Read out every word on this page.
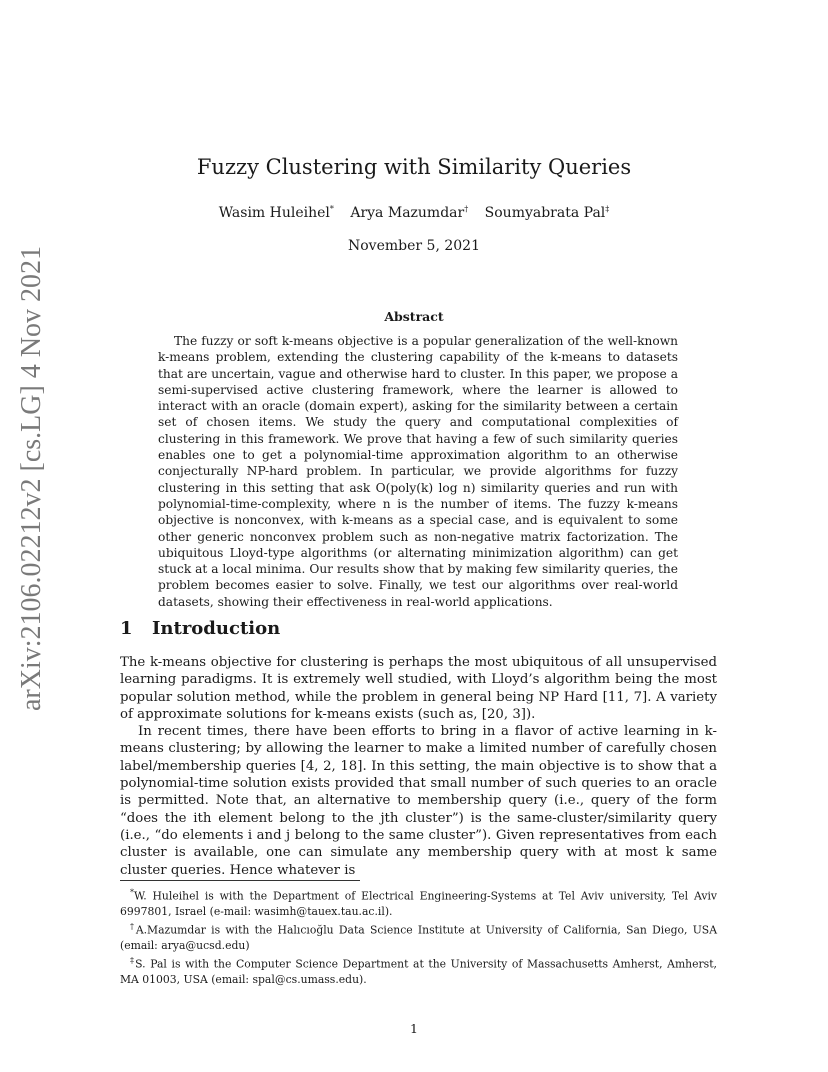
arXiv:2106.02212v2 [cs.LG] 4 Nov 2021
Fuzzy Clustering with Similarity Queries
Wasim Huleihel* Arya Mazumdar† Soumyabrata Pal‡
November 5, 2021
Abstract

The fuzzy or soft k-means objective is a popular generalization of the well-known k-means problem, extending the clustering capability of the k-means to datasets that are uncertain, vague and otherwise hard to cluster. In this paper, we propose a semi-supervised active clustering framework, where the learner is allowed to interact with an oracle (domain expert), asking for the similarity between a certain set of chosen items. We study the query and computational complexities of clustering in this framework. We prove that having a few of such similarity queries enables one to get a polynomial-time approximation algorithm to an otherwise conjecturally NP-hard problem. In particular, we provide algorithms for fuzzy clustering in this setting that ask O(poly(k) log n) similarity queries and run with polynomial-time-complexity, where n is the number of items. The fuzzy k-means objective is nonconvex, with k-means as a special case, and is equivalent to some other generic nonconvex problem such as non-negative matrix factorization. The ubiquitous Lloyd-type algorithms (or alternating minimization algorithm) can get stuck at a local minima. Our results show that by making few similarity queries, the problem becomes easier to solve. Finally, we test our algorithms over real-world datasets, showing their effectiveness in real-world applications.

1 Introduction

The k-means objective for clustering is perhaps the most ubiquitous of all unsupervised learning paradigms. It is extremely well studied, with Lloyd’s algorithm being the most popular solution method, while the problem in general being NP Hard [11, 7]. A variety of approximate solutions for k-means exists (such as, [20, 3]).

In recent times, there have been efforts to bring in a flavor of active learning in k-means clustering; by allowing the learner to make a limited number of carefully chosen label/membership queries [4, 2, 18]. In this setting, the main objective is to show that a polynomial-time solution exists provided that small number of such queries to an oracle is permitted. Note that, an alternative to membership query (i.e., query of the form “does the ith element belong to the jth cluster”) is the same-cluster/similarity query (i.e., “do elements i and j belong to the same cluster”). Given representatives from each cluster is available, one can simulate any membership query with at most k same cluster queries. Hence whatever is

*W. Huleihel is with the Department of Electrical Engineering-Systems at Tel Aviv university, Tel Aviv 6997801, Israel (e-mail: wasimh@tauex.tau.ac.il).

†A.Mazumdar is with the Halıcıoğlu Data Science Institute at University of California, San Diego, USA (email: arya@ucsd.edu)

‡S. Pal is with the Computer Science Department at the University of Massachusetts Amherst, Amherst, MA 01003, USA (email: spal@cs.umass.edu).

1
